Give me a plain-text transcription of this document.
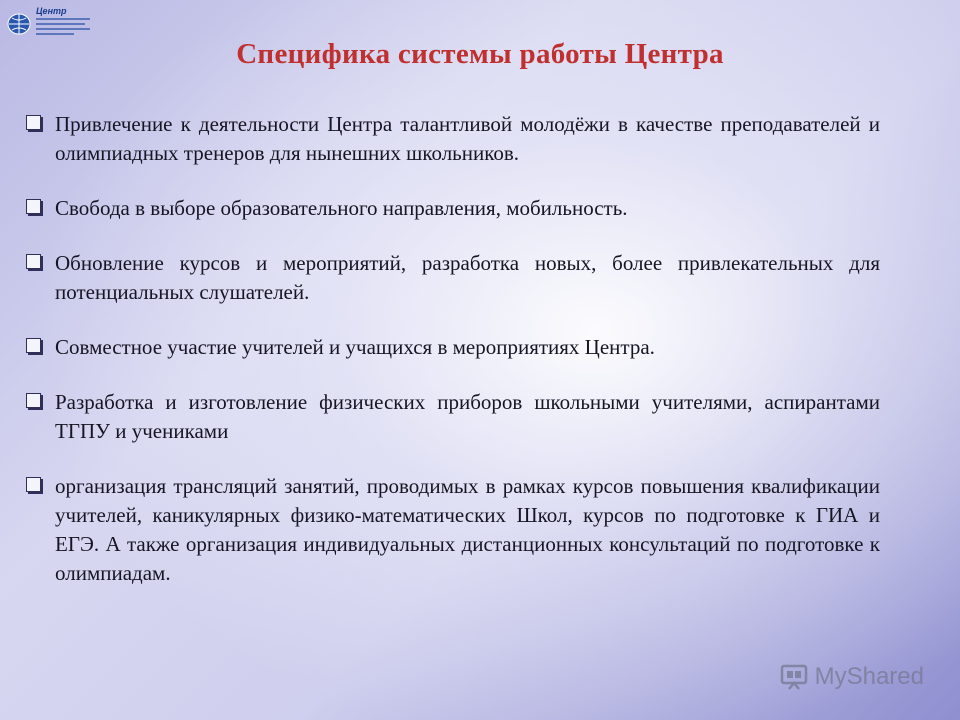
Центр
Специфика системы работы Центра
Привлечение к деятельности Центра талантливой молодёжи в качестве преподавателей и олимпиадных тренеров для нынешних школьников.
Свобода в выборе образовательного направления, мобильность.
Обновление курсов и мероприятий, разработка новых, более привлекательных для потенциальных слушателей.
Совместное участие учителей и учащихся в мероприятиях Центра.
Разработка и изготовление физических приборов школьными учителями, аспирантами ТГПУ и учениками
организация трансляций занятий, проводимых в рамках курсов повышения квалификации учителей, каникулярных физико-математических Школ, курсов по подготовке к ГИА и ЕГЭ. А также организация индивидуальных дистанционных консультаций по подготовке к олимпиадам.
MyShared
